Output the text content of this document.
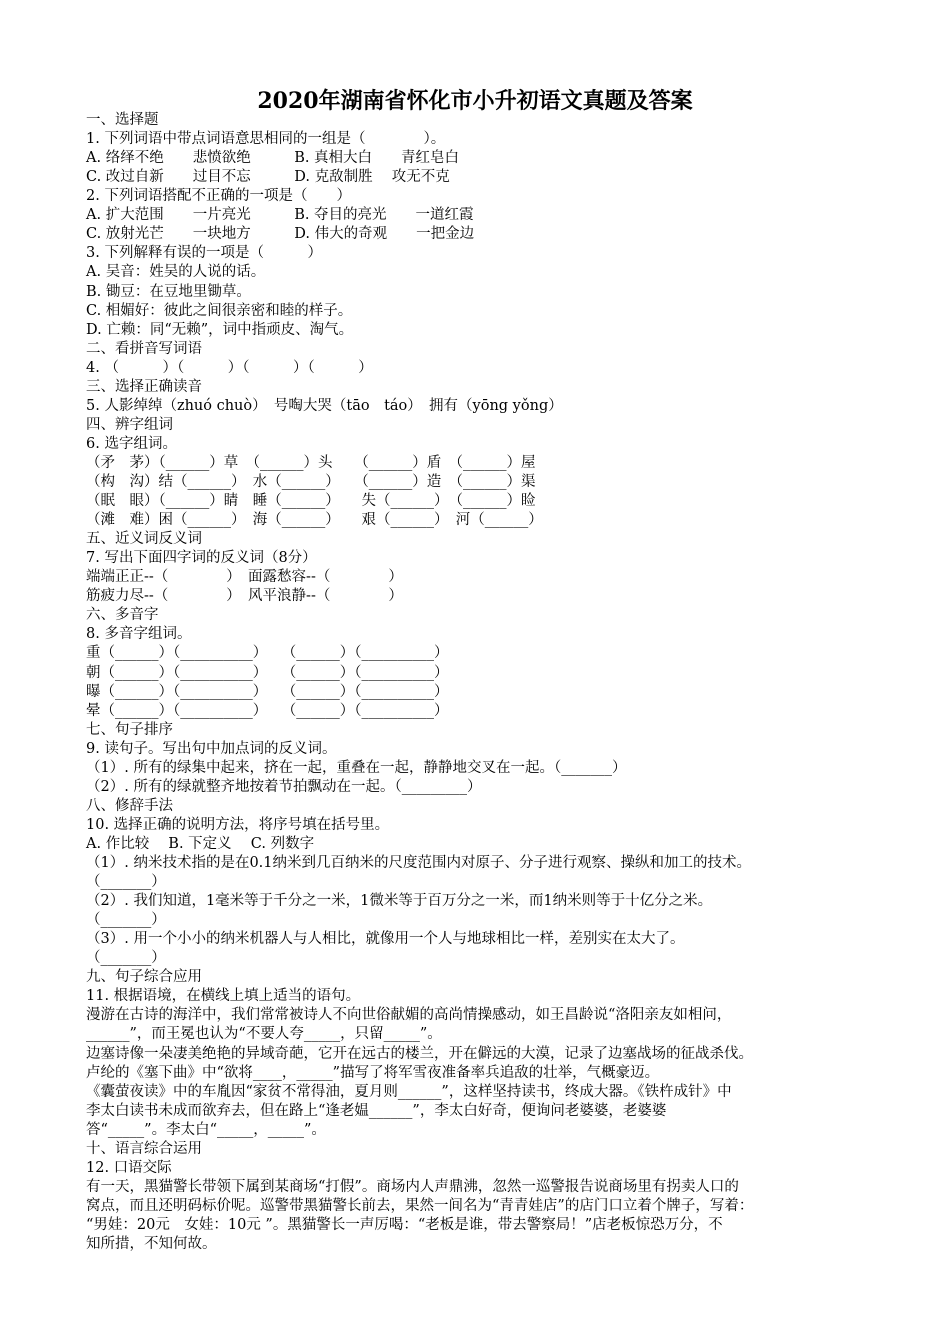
2020年湖南省怀化市小升初语文真题及答案
一、选择题
1. 下列词语中带点词语意思相同的一组是（　　　　）。
A. 络绎不绝　　悲愤欲绝　　　B. 真相大白　　青红皂白
C. 改过自新　　过目不忘　　　D. 克敌制胜　 攻无不克
2. 下列词语搭配不正确的一项是（　　）
A. 扩大范围　　一片亮光　　　B. 夺目的亮光　　一道红霞
C. 放射光芒　　一块地方　　　D. 伟大的奇观　　一把金边
3. 下列解释有误的一项是（　　　）
A. 吴音：姓吴的人说的话。
B. 锄豆：在豆地里锄草。
C. 相媚好：彼此之间很亲密和睦的样子。
D. 亡赖：同“无赖”，词中指顽皮、淘气。
二、看拼音写词语
4. （　　　）（　　　）（　　　）（　　　）
三、选择正确读音
5. 人影绰绰（zhuó chuò）　号啕大哭（tāo　táo）　拥有（yōng yǒng）
四、辨字组词
6. 选字组词。
（矛　茅）（______）草　（______）头　　（______）盾　（______）屋
（构　沟）结（______）　水（______）　　（______）造　（______）渠
（眠　眼）（______）睛　睡（______）　　失（______）　（______）睑
（滩　难）困（______）　海（______）　　艰（______）　河（______）
五、近义词反义词
7. 写出下面四字词的反义词（8分）
端端正正--（　　　　）　面露愁容--（　　　　）
筋疲力尽--（　　　　）　风平浪静--（　　　　）
六、多音字
8. 多音字组词。
重（______）（__________）　　（______）（__________）
朝（______）（__________）　　（______）（__________）
曝（______）（__________）　　（______）（__________）
晕（______）（__________）　　（______）（__________）
七、句子排序
9. 读句子。写出句中加点词的反义词。
（1）. 所有的绿集中起来，挤在一起，重叠在一起，静静地交叉在一起。（_______）
（2）. 所有的绿就整齐地按着节拍飘动在一起。（_________）
八、修辞手法
10. 选择正确的说明方法，将序号填在括号里。
A. 作比较　 B. 下定义　 C. 列数字
（1）. 纳米技术指的是在0.1纳米到几百纳米的尺度范围内对原子、分子进行观察、操纵和加工的技术。
（_______）
（2）. 我们知道，1毫米等于千分之一米，1微米等于百万分之一米，而1纳米则等于十亿分之米。
（_______）
（3）. 用一个小小的纳米机器人与人相比，就像用一个人与地球相比一样，差别实在太大了。
（_______）
九、句子综合应用
11. 根据语境，在横线上填上适当的语句。
漫游在古诗的海洋中，我们常常被诗人不向世俗献媚的高尚情操感动，如王昌龄说“洛阳亲友如相问，
______”，而王冕也认为“不要人夸_____，只留_____”。
边塞诗像一朵凄美绝艳的异域奇葩，它开在远古的楼兰，开在僻远的大漠，记录了边塞战场的征战杀伐。
卢纶的《塞下曲》中“欲将____，_____”描写了将军雪夜准备率兵追敌的壮举，气概豪迈。
《囊萤夜读》中的车胤因“家贫不常得油，夏月则______”，这样坚持读书，终成大器。《铁杵成针》中
李太白读书未成而欲弃去，但在路上“逢老媪______”，李太白好奇，便询问老婆婆，老婆婆
答“_____”。李太白“_____，_____”。
十、语言综合运用
12. 口语交际
有一天，黑猫警长带领下属到某商场“打假”。商场内人声鼎沸，忽然一巡警报告说商场里有拐卖人口的
窝点，而且还明码标价呢。巡警带黑猫警长前去，果然一间名为“青青娃店”的店门口立着个牌子，写着：
“男娃：20元　女娃：10元 ”。黑猫警长一声厉喝：“老板是谁，带去警察局！”店老板惊恐万分，不
知所措，不知何故。
